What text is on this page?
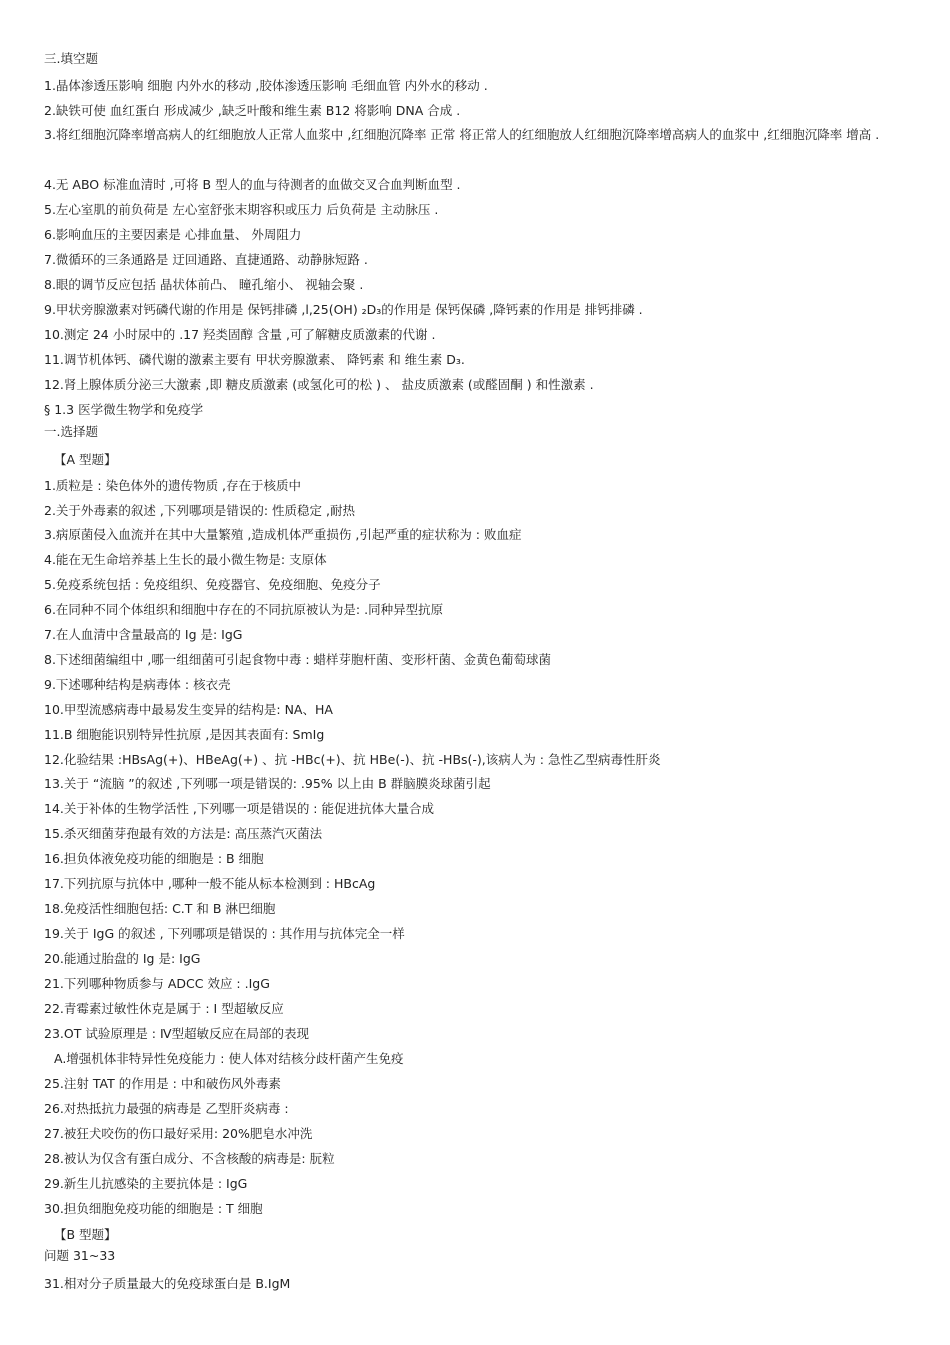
三.填空题
1.晶体渗透压影响 细胞 内外水的移动 ,胶体渗透压影响 毛细血管 内外水的移动 .
2.缺铁可使 血红蛋白 形成减少 ,缺乏叶酸和维生素 B12 将影响 DNA 合成 .
3.将红细胞沉降率增高病人的红细胞放人正常人血浆中 ,红细胞沉降率 正常 将正常人的红细胞放人红细胞沉降率增高病人的血浆中 ,红细胞沉降率 增高 .
4.无 ABO 标准血清时 ,可将 B 型人的血与待测者的血做交叉合血判断血型 .
5.左心室肌的前负荷是 左心室舒张末期容积或压力 后负荷是 主动脉压 .
6.影响血压的主要因素是 心排血量、 外周阻力
7.微循环的三条通路是 迂回通路、直捷通路、动静脉短路 .
8.眼的调节反应包括 晶状体前凸、 瞳孔缩小、 视轴会聚 .
9.甲状旁腺激素对钙磷代谢的作用是 保钙排磷 ,l,25(OH) ₂D₃的作用是 保钙保磷 ,降钙素的作用是 排钙排磷 .
10.测定 24 小时尿中的 .17 羟类固醇 含量 ,可了解糖皮质激素的代谢 .
11.调节机体钙、磷代谢的激素主要有 甲状旁腺激素、 降钙素 和 维生素 D₃.
12.肾上腺体质分泌三大激素 ,即 糖皮质激素 (或氢化可的松 ) 、 盐皮质激素 (或醛固酮 ) 和性激素 .
§ 1.3 医学微生物学和免疫学
一.选择题
【A 型题】
1.质粒是 : 染色体外的遗传物质 ,存在于核质中
2.关于外毒素的叙述 ,下列哪项是错误的: 性质稳定 ,耐热
3.病原菌侵入血流并在其中大量繁殖 ,造成机体严重损伤 ,引起严重的症状称为 : 败血症
4.能在无生命培养基上生长的最小微生物是: 支原体
5.免疫系统包括 : 免疫组织、免疫器官、免疫细胞、免疫分子
6.在同种不同个体组织和细胞中存在的不同抗原被认为是: .同种异型抗原
7.在人血清中含量最高的 Ig 是: IgG
8.下述细菌编组中 ,哪一组细菌可引起食物中毒 : 蜡样芽胞杆菌、变形杆菌、金黄色葡萄球菌
9.下述哪种结构是病毒体 : 核衣壳
10.甲型流感病毒中最易发生变异的结构是: NA、HA
11.B 细胞能识别特异性抗原 ,是因其表面有: SmIg
12.化验结果 :HBsAg(+)、HBeAg(+) 、抗 -HBc(+)、抗 HBe(-)、抗 -HBs(-),该病人为 : 急性乙型病毒性肝炎
13.关于 “流脑 ”的叙述 ,下列哪一项是错误的: .95% 以上由 B 群脑膜炎球菌引起
14.关于补体的生物学活性 ,下列哪一项是错误的 : 能促进抗体大量合成
15.杀灭细菌芽孢最有效的方法是: 高压蒸汽灭菌法
16.担负体液免疫功能的细胞是 : B 细胞
17.下列抗原与抗体中 ,哪种一般不能从标本检测到 : HBcAg
18.免疫活性细胞包括: C.T 和 B 淋巴细胞
19.关于 IgG 的叙述 , 下列哪项是错误的 : 其作用与抗体完全一样
20.能通过胎盘的 Ig 是: IgG
21.下列哪种物质参与 ADCC 效应 : .IgG
22.青霉素过敏性休克是属于 : Ⅰ 型超敏反应
23.OT 试验原理是 : Ⅳ型超敏反应在局部的表现
A.增强机体非特异性免疫能力 : 使人体对结核分歧杆菌产生免疫
25.注射 TAT 的作用是 : 中和破伤风外毒素
26.对热抵抗力最强的病毒是 乙型肝炎病毒 :
27.被狂犬咬伤的伤口最好采用: 20%肥皂水冲洗
28.被认为仅含有蛋白成分、不含核酸的病毒是: 朊粒
29.新生儿抗感染的主要抗体是 : IgG
30.担负细胞免疫功能的细胞是 : T 细胞
【B 型题】
问题 31~33
31.相对分子质量最大的免疫球蛋白是 B.IgM
